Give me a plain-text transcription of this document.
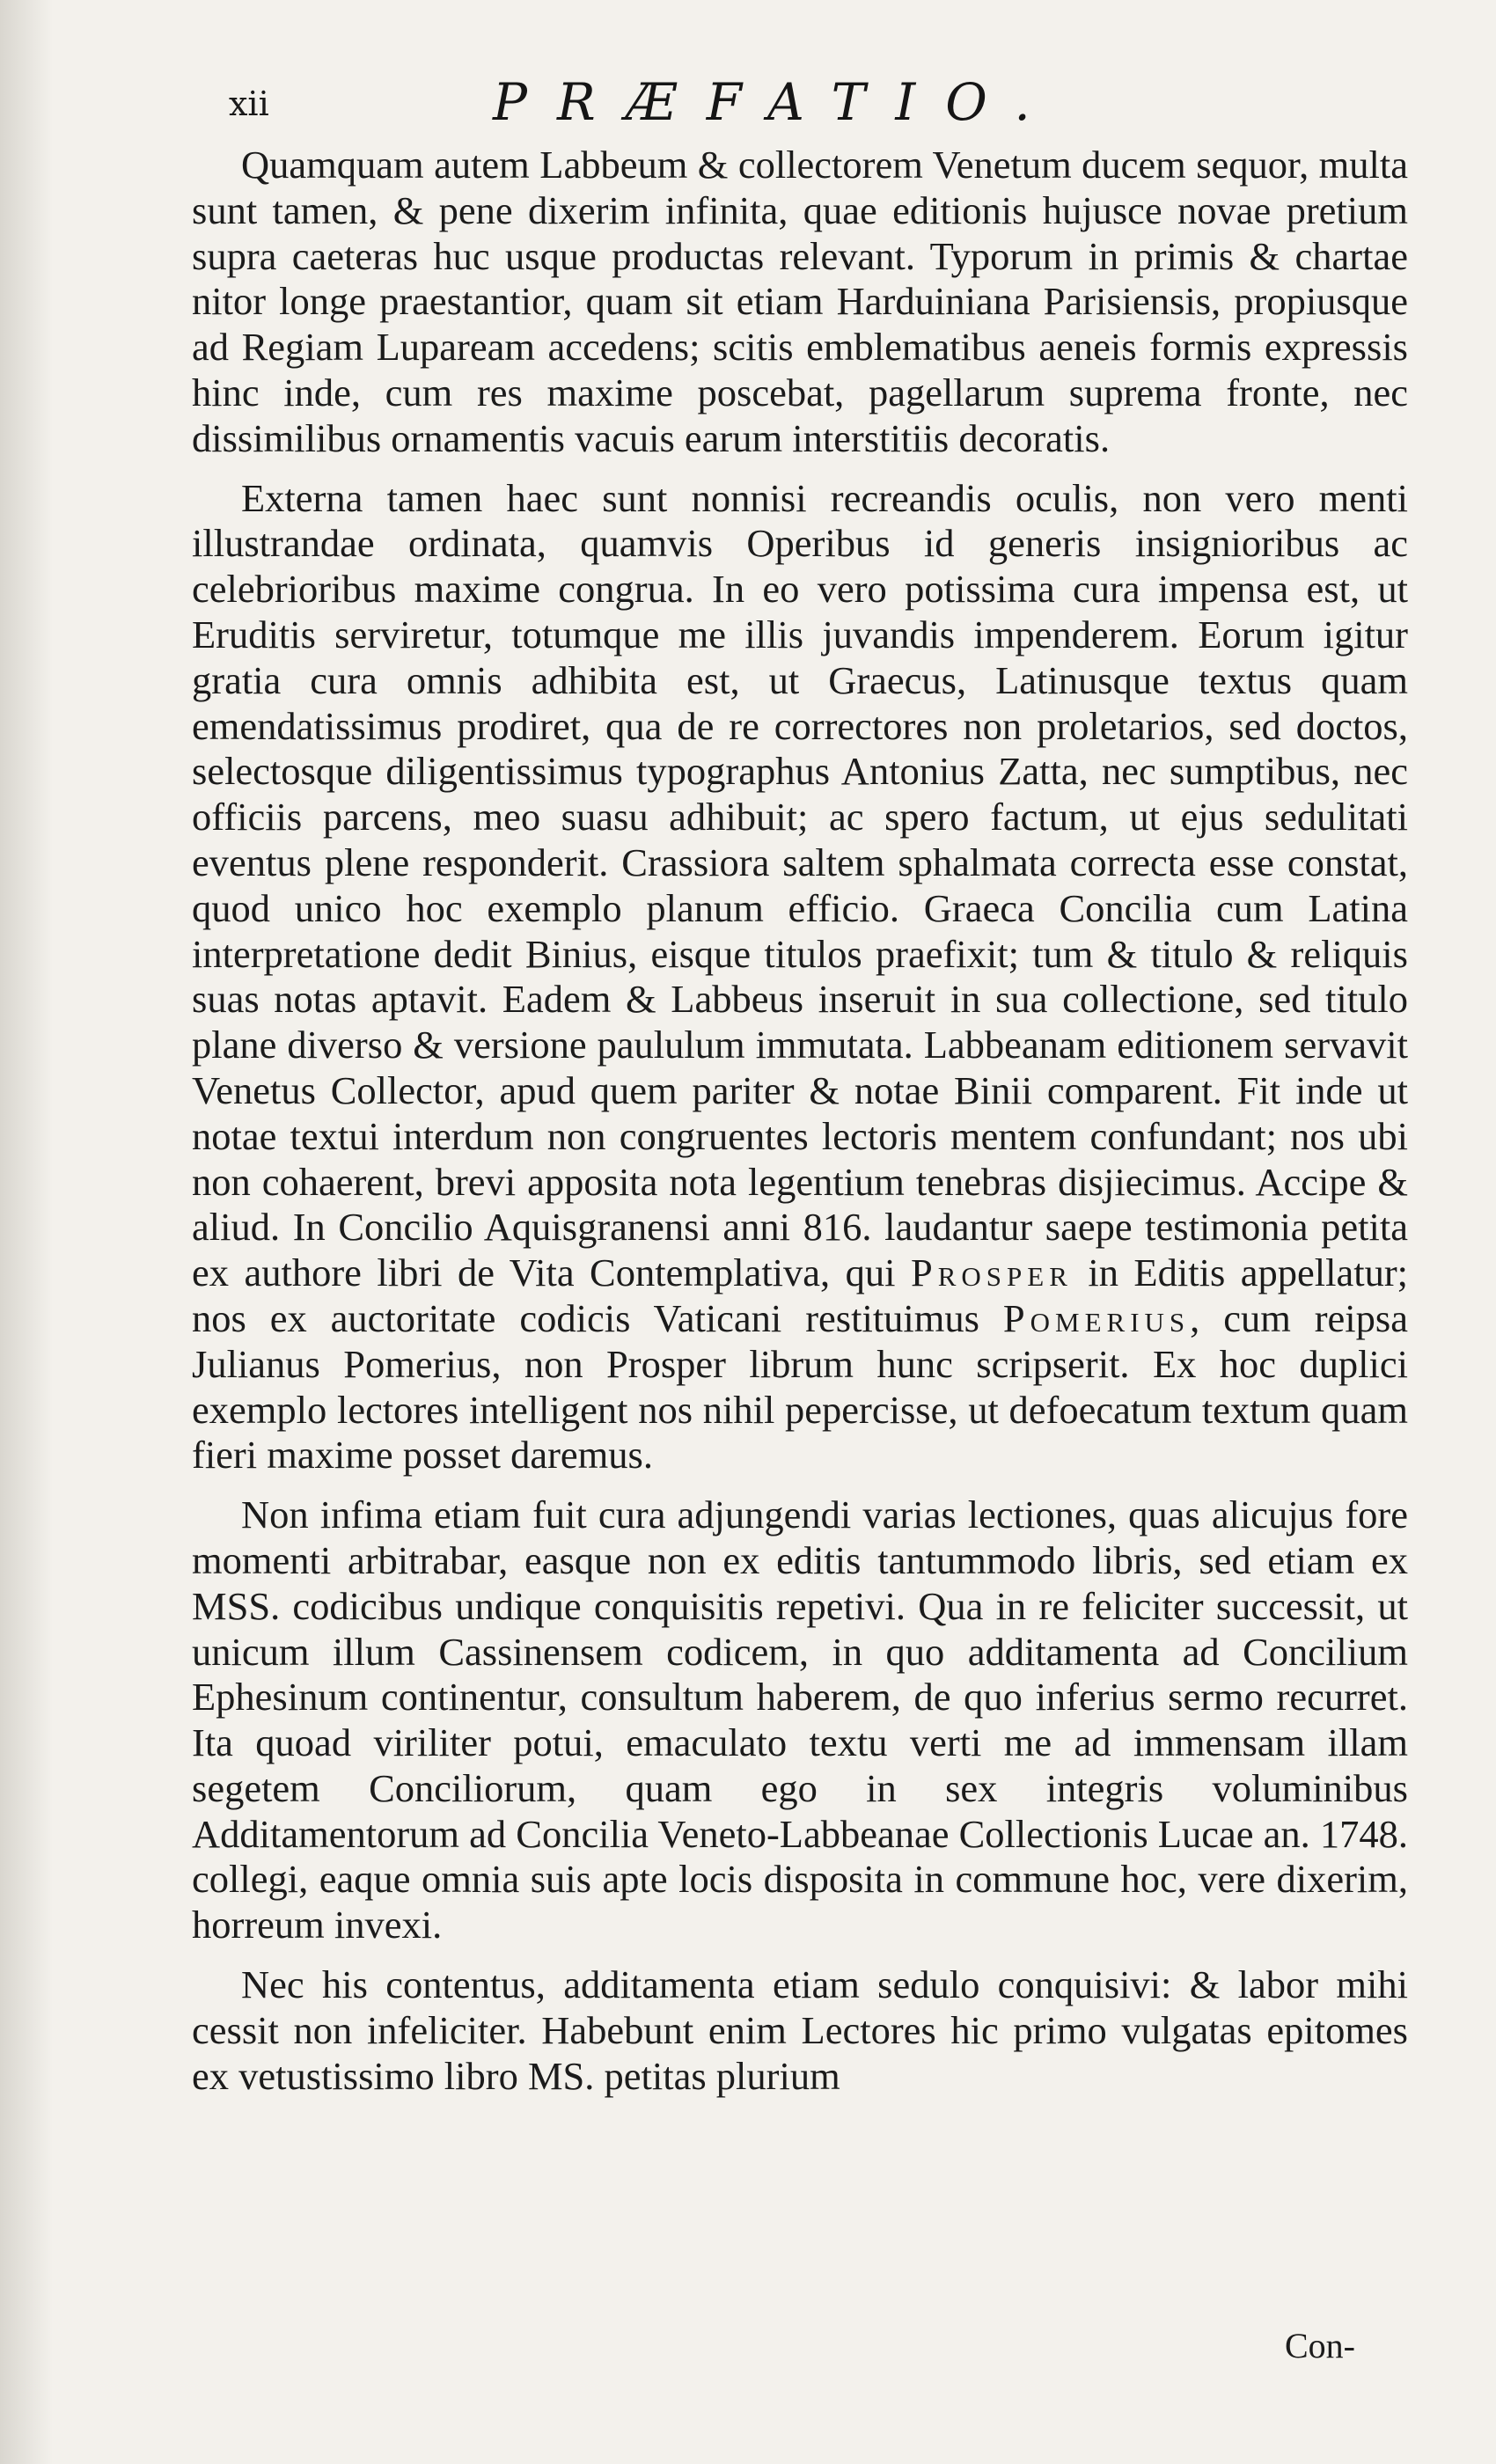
xii	PRÆFATIO.

Quamquam autem Labbeum & collectorem Venetum ducem sequor, multa sunt tamen, & pene dixerim infinita, quae editionis hujusce novae pretium supra caeteras huc usque productas relevant. Typorum in primis & chartae nitor longe praestantior, quam sit etiam Harduiniana Parisiensis, propiusque ad Regiam Lupaream accedens; scitis emblematibus aeneis formis expressis hinc inde, cum res maxime poscebat, pagellarum suprema fronte, nec dissimilibus ornamentis vacuis earum interstitiis decoratis.

Externa tamen haec sunt nonnisi recreandis oculis, non vero menti illustrandae ordinata, quamvis Operibus id generis insignioribus ac celebrioribus maxime congrua. In eo vero potissima cura impensa est, ut Eruditis serviretur, totumque me illis juvandis impenderem. Eorum igitur gratia cura omnis adhibita est, ut Graecus, Latinusque textus quam emendatissimus prodiret, qua de re correctores non proletarios, sed doctos, selectosque diligentissimus typographus Antonius Zatta, nec sumptibus, nec officiis parcens, meo suasu adhibuit; ac spero factum, ut ejus sedulitati eventus plene responderit. Crassiora saltem sphalmata correcta esse constat, quod unico hoc exemplo planum efficio. Graeca Concilia cum Latina interpretatione dedit Binius, eisque titulos praefixit; tum & titulo & reliquis suas notas aptavit. Eadem & Labbeus inseruit in sua collectione, sed titulo plane diverso & versione paululum immutata. Labbeanam editionem servavit Venetus Collector, apud quem pariter & notae Binii comparent. Fit inde ut notae textui interdum non congruentes lectoris mentem confundant; nos ubi non cohaerent, brevi apposita nota legentium tenebras disjiecimus. Accipe & aliud. In Concilio Aquisgranensi anni 816. laudantur saepe testimonia petita ex authore libri de Vita Contemplativa, qui Prosper in Editis appellatur; nos ex auctoritate codicis Vaticani restituimus Pomerius, cum reipsa Julianus Pomerius, non Prosper librum hunc scripserit. Ex hoc duplici exemplo lectores intelligent nos nihil pepercisse, ut defoecatum textum quam fieri maxime posset daremus.

Non infima etiam fuit cura adjungendi varias lectiones, quas alicujus fore momenti arbitrabar, easque non ex editis tantummodo libris, sed etiam ex MSS. codicibus undique conquisitis repetivi. Qua in re feliciter successit, ut unicum illum Cassinensem codicem, in quo additamenta ad Concilium Ephesinum continentur, consultum haberem, de quo inferius sermo recurret. Ita quoad viriliter potui, emaculato textu verti me ad immensam illam segetem Conciliorum, quam ego in sex integris voluminibus Additamentorum ad Concilia Veneto-Labbeanae Collectionis Lucae an. 1748. collegi, eaque omnia suis apte locis disposita in commune hoc, vere dixerim, horreum invexi.

Nec his contentus, additamenta etiam sedulo conquisivi: & labor mihi cessit non infeliciter. Habebunt enim Lectores hic primo vulgatas epitomes ex vetustissimo libro MS. petitas plurium

Con-
